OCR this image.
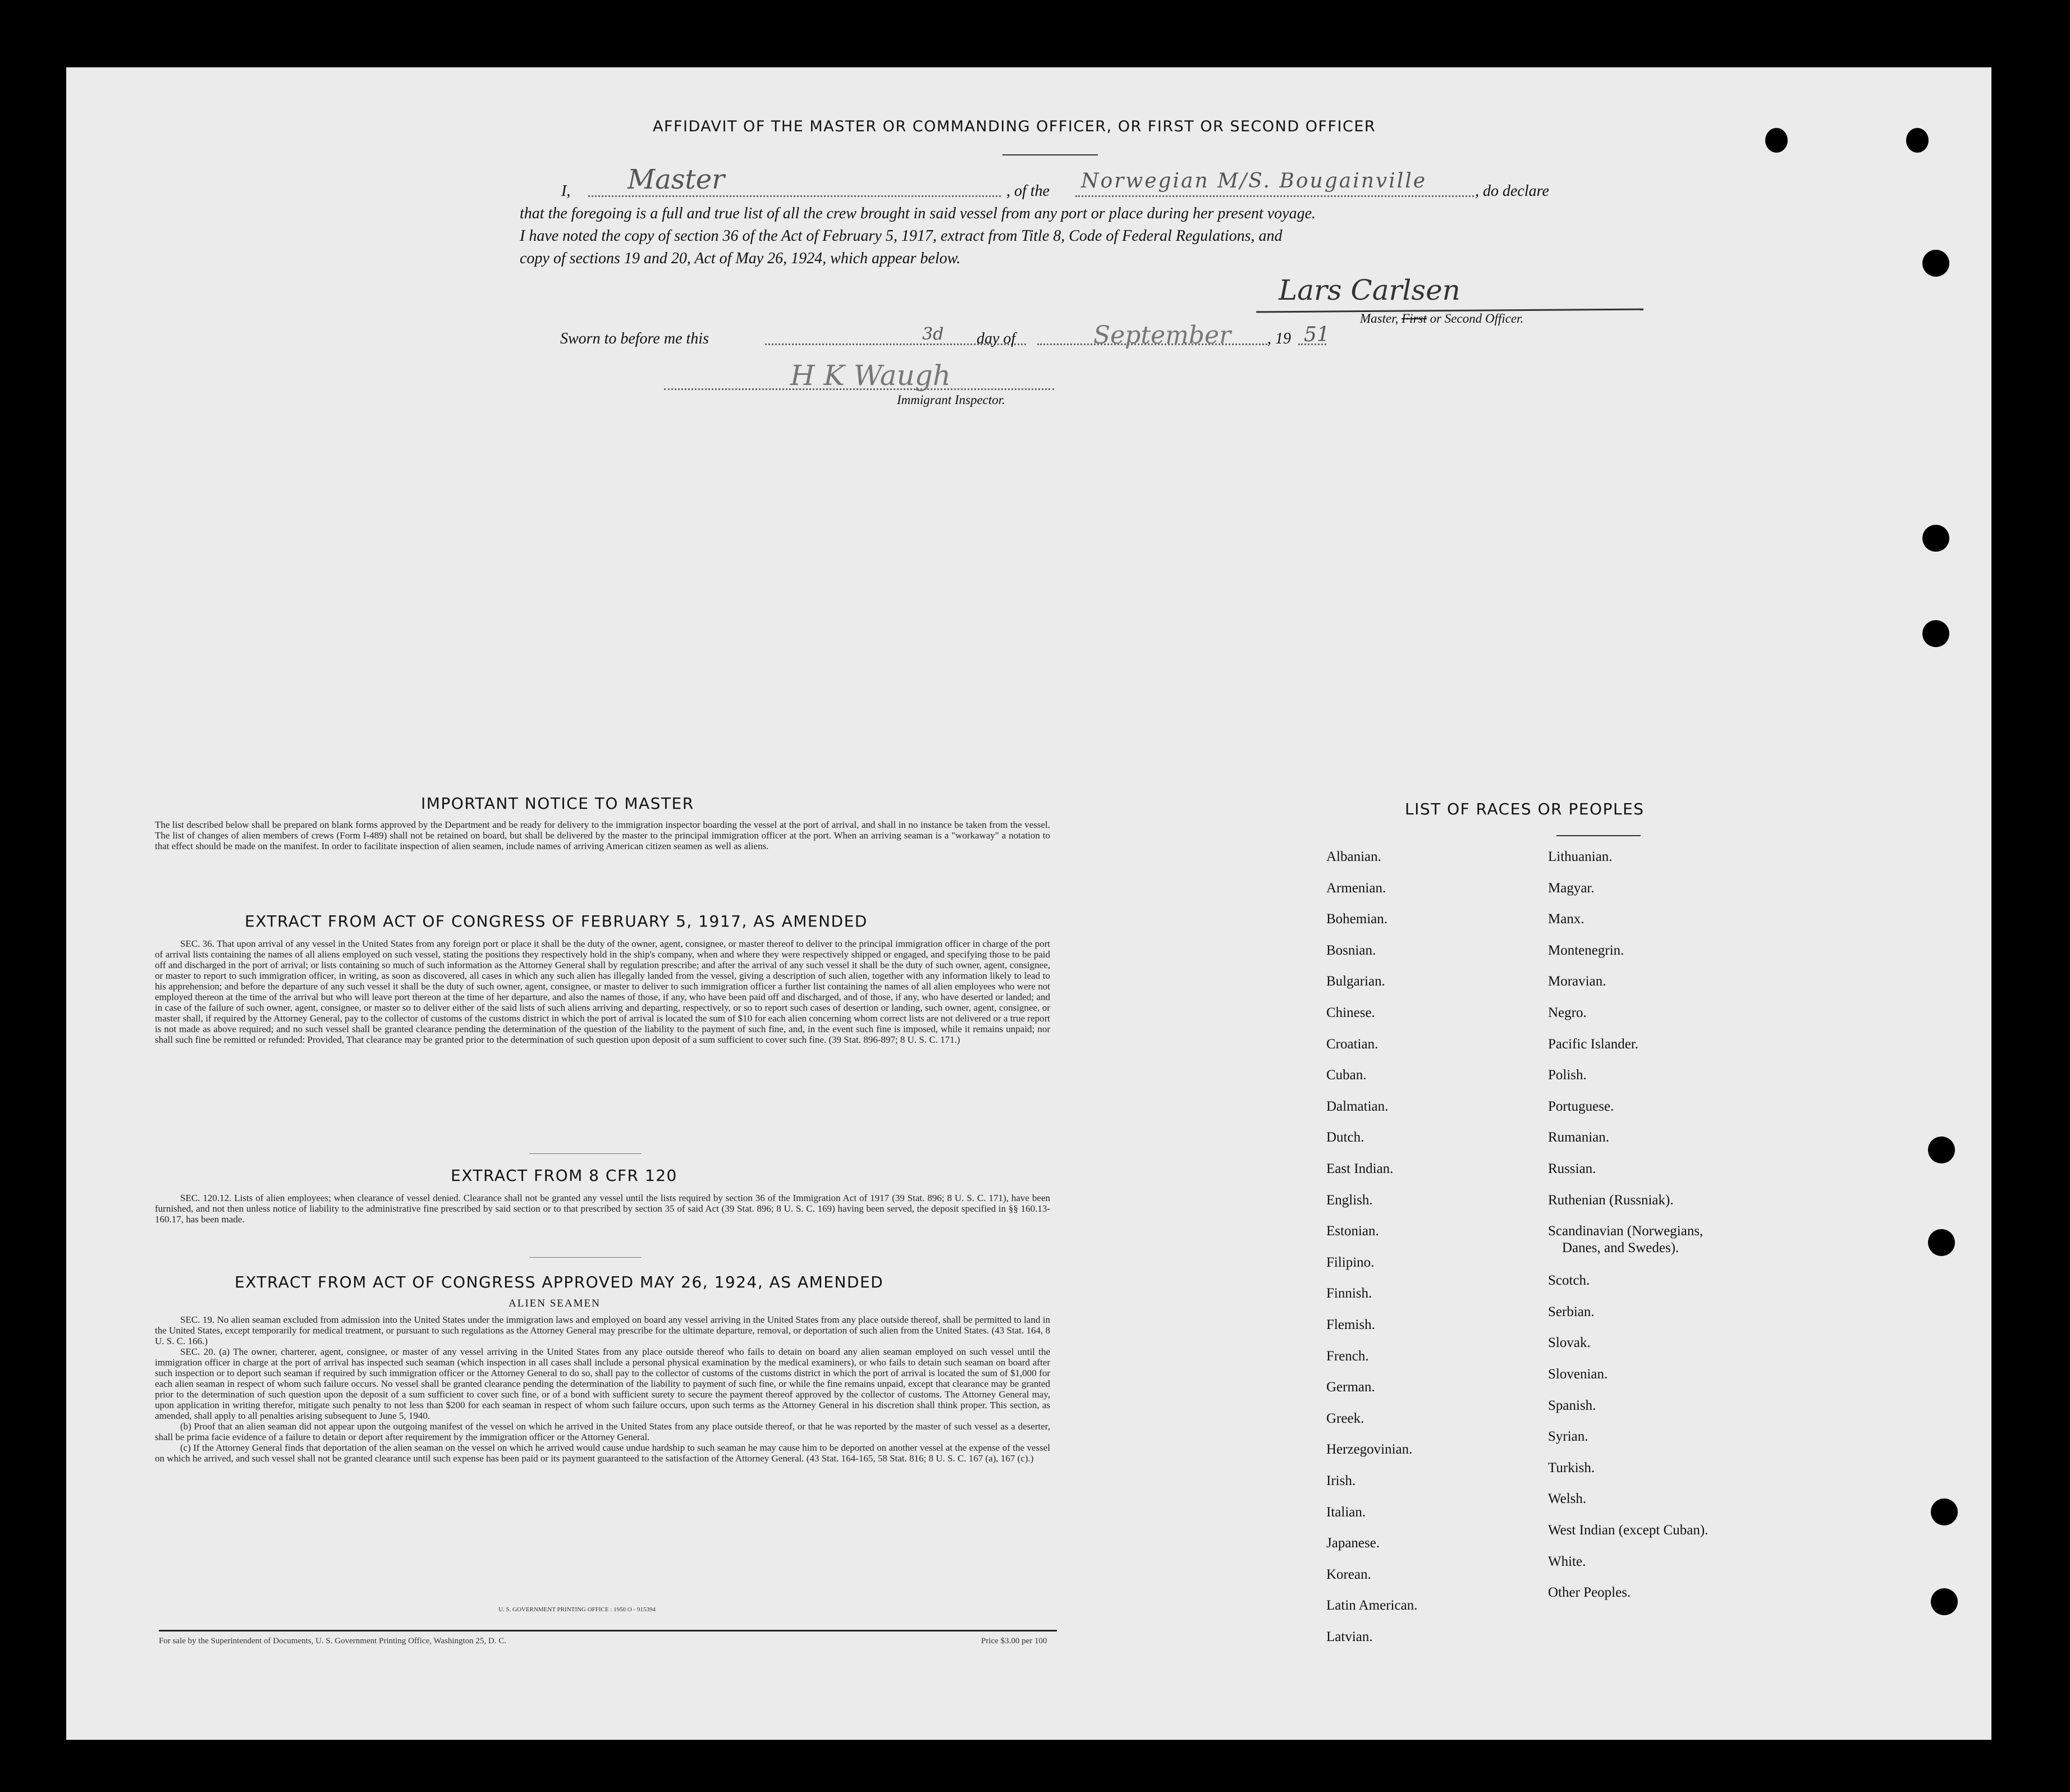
AFFIDAVIT OF THE MASTER OR COMMANDING OFFICER, OR FIRST OR SECOND OFFICER
I, Master	, of the Norwegian M/S. Bougainville	, do declare
that the foregoing is a full and true list of all the crew brought in said vessel from any port or place during her present voyage.
I have noted the copy of section 36 of the Act of February 5, 1917, extract from Title 8, Code of Federal Regulations, and
copy of sections 19 and 20, Act of May 26, 1924, which appear below.
Lars Carlsen
Master, First or Second Officer.
Sworn to before me this	3d day of	September , 19 51
H K Waugh
Immigrant Inspector.
IMPORTANT NOTICE TO MASTER
The list described below shall be prepared on blank forms approved by the Department and be ready for delivery to the immigration inspector boarding the vessel at the port of arrival, and shall in no instance be taken from the vessel. The list of changes of alien members of crews (Form I-489) shall not be retained on board, but shall be delivered by the master to the principal immigration officer at the port. When an arriving seaman is a "workaway" a notation to that effect should be made on the manifest. In order to facilitate inspection of alien seamen, include names of arriving American citizen seamen as well as aliens.
EXTRACT FROM ACT OF CONGRESS OF FEBRUARY 5, 1917, AS AMENDED
SEC. 36. That upon arrival of any vessel in the United States from any foreign port or place it shall be the duty of the owner, agent, consignee, or master thereof to deliver to the principal immigration officer in charge of the port of arrival lists containing the names of all aliens employed on such vessel, stating the positions they respectively hold in the ship's company, when and where they were respectively shipped or engaged, and specifying those to be paid off and discharged in the port of arrival; or lists containing so much of such information as the Attorney General shall by regulation prescribe; and after the arrival of any such vessel it shall be the duty of such owner, agent, consignee, or master to report to such immigration officer, in writing, as soon as discovered, all cases in which any such alien has illegally landed from the vessel, giving a description of such alien, together with any information likely to lead to his apprehension; and before the departure of any such vessel it shall be the duty of such owner, agent, consignee, or master to deliver to such immigration officer a further list containing the names of all alien employees who were not employed thereon at the time of the arrival but who will leave port thereon at the time of her departure, and also the names of those, if any, who have been paid off and discharged, and of those, if any, who have deserted or landed; and in case of the failure of such owner, agent, consignee, or master so to deliver either of the said lists of such aliens arriving and departing, respectively, or so to report such cases of desertion or landing, such owner, agent, consignee, or master shall, if required by the Attorney General, pay to the collector of customs of the customs district in which the port of arrival is located the sum of $10 for each alien concerning whom correct lists are not delivered or a true report is not made as above required; and no such vessel shall be granted clearance pending the determination of the question of the liability to the payment of such fine, and, in the event such fine is imposed, while it remains unpaid; nor shall such fine be remitted or refunded: Provided, That clearance may be granted prior to the determination of such question upon deposit of a sum sufficient to cover such fine. (39 Stat. 896-897; 8 U. S. C. 171.)
EXTRACT FROM 8 CFR 120
SEC. 120.12. Lists of alien employees; when clearance of vessel denied. Clearance shall not be granted any vessel until the lists required by section 36 of the Immigration Act of 1917 (39 Stat. 896; 8 U. S. C. 171), have been furnished, and not then unless notice of liability to the administrative fine prescribed by said section or to that prescribed by section 35 of said Act (39 Stat. 896; 8 U. S. C. 169) having been served, the deposit specified in §§ 160.13-160.17, has been made.
EXTRACT FROM ACT OF CONGRESS APPROVED MAY 26, 1924, AS AMENDED
ALIEN SEAMEN
SEC. 19. No alien seaman excluded from admission into the United States under the immigration laws and employed on board any vessel arriving in the United States from any place outside thereof, shall be permitted to land in the United States, except temporarily for medical treatment, or pursuant to such regulations as the Attorney General may prescribe for the ultimate departure, removal, or deportation of such alien from the United States. (43 Stat. 164, 8 U. S. C. 166.)
SEC. 20. (a) The owner, charterer, agent, consignee, or master of any vessel arriving in the United States from any place outside thereof who fails to detain on board any alien seaman employed on such vessel until the immigration officer in charge at the port of arrival has inspected such seaman (which inspection in all cases shall include a personal physical examination by the medical examiners), or who fails to detain such seaman on board after such inspection or to deport such seaman if required by such immigration officer or the Attorney General to do so, shall pay to the collector of customs of the customs district in which the port of arrival is located the sum of $1,000 for each alien seaman in respect of whom such failure occurs. No vessel shall be granted clearance pending the determination of the liability to payment of such fine, or while the fine remains unpaid, except that clearance may be granted prior to the determination of such question upon the deposit of a sum sufficient to cover such fine, or of a bond with sufficient surety to secure the payment thereof approved by the collector of customs. The Attorney General may, upon application in writing therefor, mitigate such penalty to not less than $200 for each seaman in respect of whom such failure occurs, upon such terms as the Attorney General in his discretion shall think proper. This section, as amended, shall apply to all penalties arising subsequent to June 5, 1940.
(b) Proof that an alien seaman did not appear upon the outgoing manifest of the vessel on which he arrived in the United States from any place outside thereof, or that he was reported by the master of such vessel as a deserter, shall be prima facie evidence of a failure to detain or deport after requirement by the immigration officer or the Attorney General.
(c) If the Attorney General finds that deportation of the alien seaman on the vessel on which he arrived would cause undue hardship to such seaman he may cause him to be deported on another vessel at the expense of the vessel on which he arrived, and such vessel shall not be granted clearance until such expense has been paid or its payment guaranteed to the satisfaction of the Attorney General. (43 Stat. 164-165, 58 Stat. 816; 8 U. S. C. 167 (a), 167 (c).)
U. S. GOVERNMENT PRINTING OFFICE : 1950 O - 915394
For sale by the Superintendent of Documents, U. S. Government Printing Office, Washington 25, D. C.	Price $3.00 per 100
LIST OF RACES OR PEOPLES
Albanian.
Armenian.
Bohemian.
Bosnian.
Bulgarian.
Chinese.
Croatian.
Cuban.
Dalmatian.
Dutch.
East Indian.
English.
Estonian.
Filipino.
Finnish.
Flemish.
French.
German.
Greek.
Herzegovinian.
Irish.
Italian.
Japanese.
Korean.
Latin American.
Latvian.
Lithuanian.
Magyar.
Manx.
Montenegrin.
Moravian.
Negro.
Pacific Islander.
Polish.
Portuguese.
Rumanian.
Russian.
Ruthenian (Russniak).
Scandinavian (Norwegians,
Danes, and Swedes).
Scotch.
Serbian.
Slovak.
Slovenian.
Spanish.
Syrian.
Turkish.
Welsh.
West Indian (except Cuban).
White.
Other Peoples.
